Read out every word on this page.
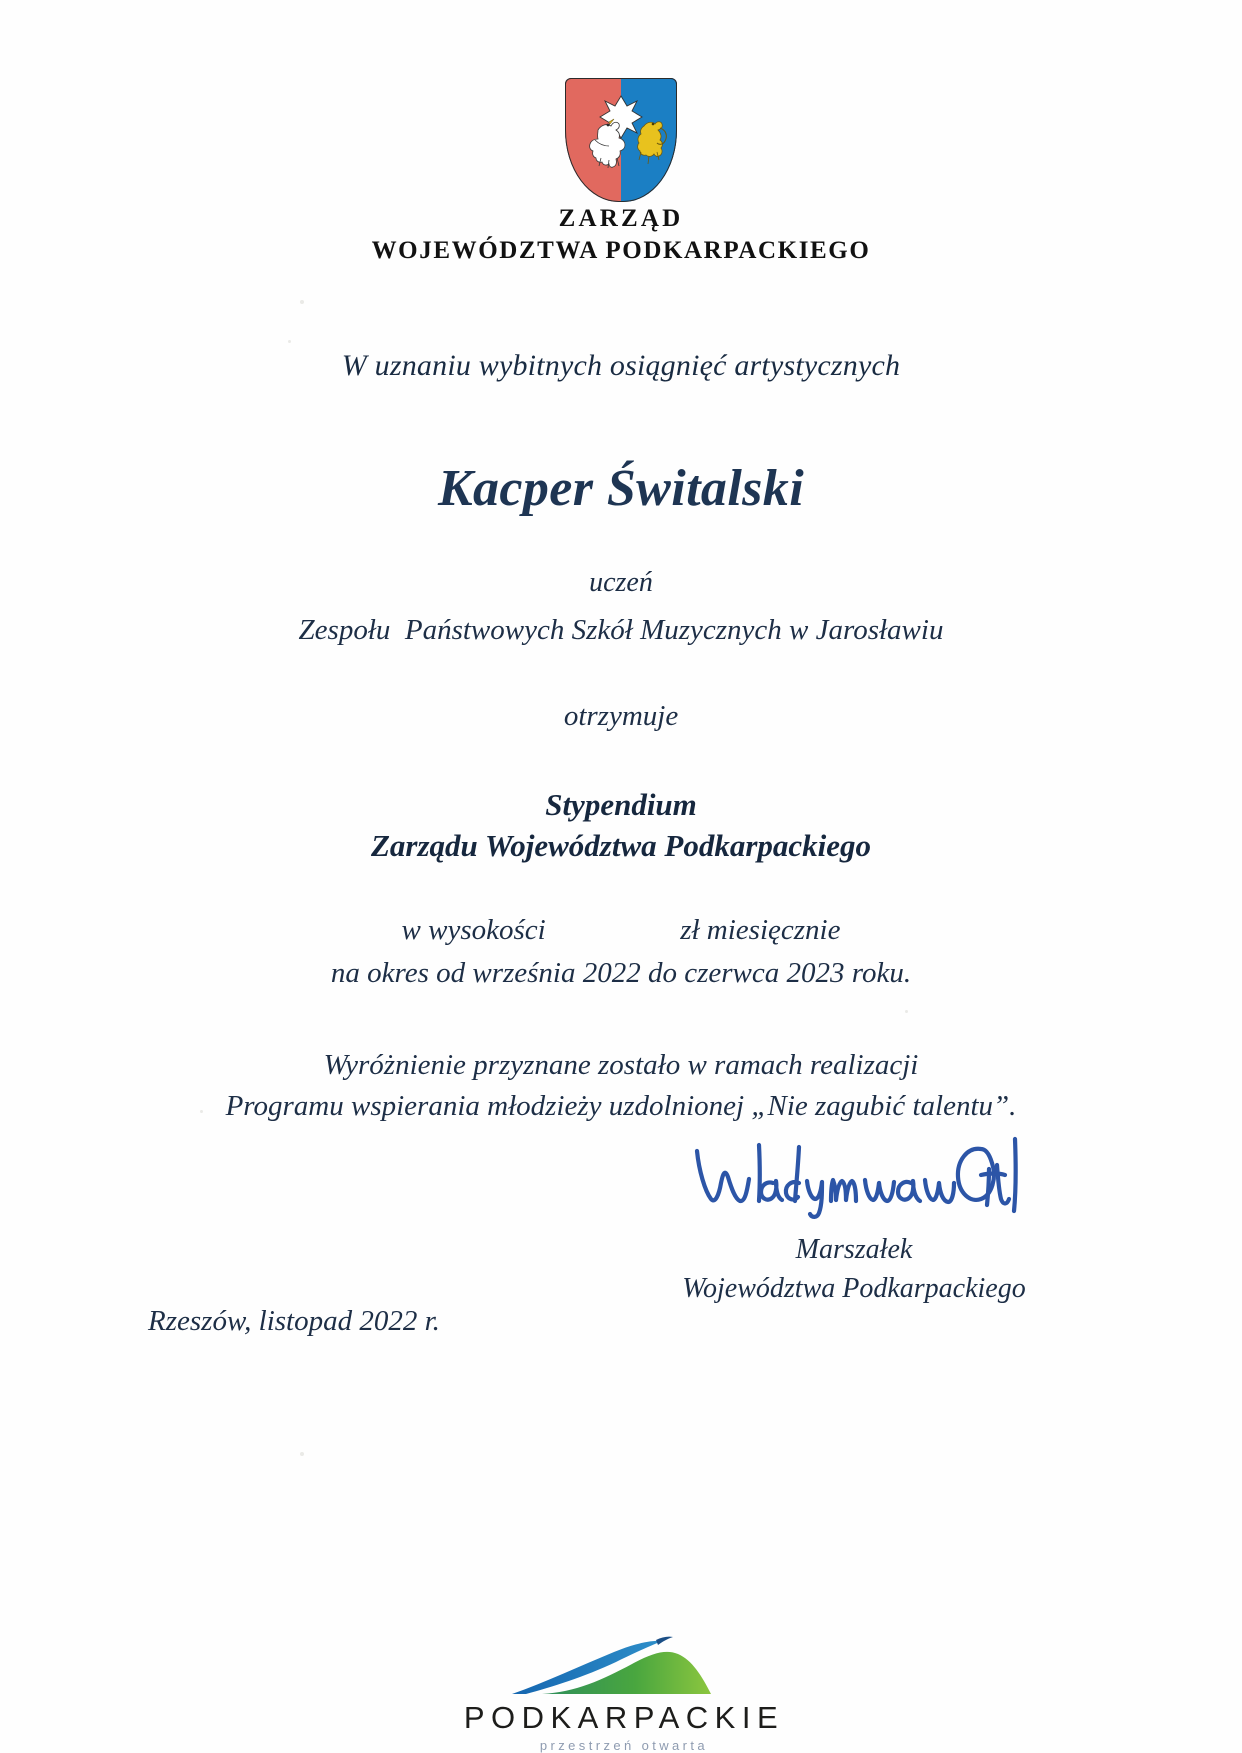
ZARZĄD
WOJEWÓDZTWA PODKARPACKIEGO
W uznaniu wybitnych osiągnięć artystycznych
Kacper Świtalski
uczeń
Zespołu  Państwowych Szkół Muzycznych w Jarosławiu
otrzymuje
Stypendium
Zarządu Województwa Podkarpackiego
w wysokości	zł miesięcznie
na okres od września 2022 do czerwca 2023 roku.
Wyróżnienie przyznane zostało w ramach realizacji
Programu wspierania młodzieży uzdolnionej „Nie zagubić talentu”.
Marszałek
Województwa Podkarpackiego
Rzeszów, listopad 2022 r.
PODKARPACKIE
przestrzeń otwarta
